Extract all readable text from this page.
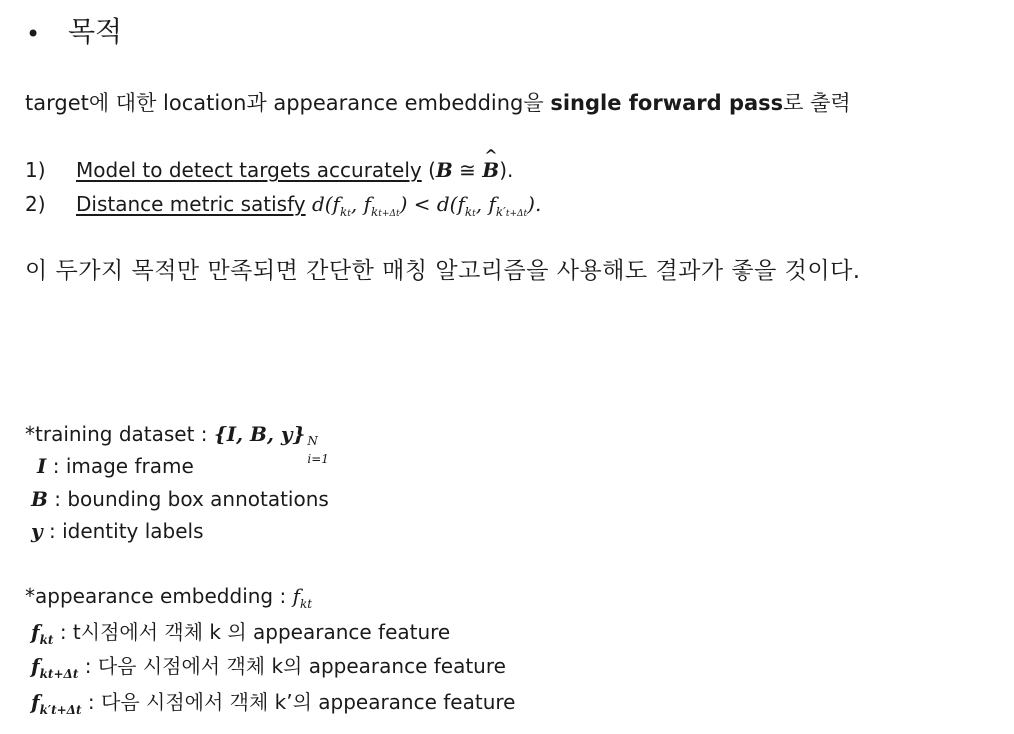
• 목적
target에 대한 location과 appearance embedding을 single forward pass로 출력
1) Model to detect targets accurately (B ≅ ^ B).
2) Distance metric satisfy $d(f_{kt}$, $f_{kt+\Delta t}) < d(f_{kt}$, $f_{k't+\Delta t}$).
이 두가지 목적만 만족되면 간단한 매칭 알고리즘을 사용해도 결과가 좋을 것이다.
*training dataset : {I, B, y} N
i=1
I : image frame
B : bounding box annotations
y : identity labels
*appearance embedding : $f_{kt}$
$f_{kt}$ : t시점에서 객체 k 의 appearance feature
$f_{kt+\Delta t}$ : 다음 시점에서 객체 k의 appearance feature
$f_{k't+\Delta t}$ : 다음 시점에서 객체 k’의 appearance feature
